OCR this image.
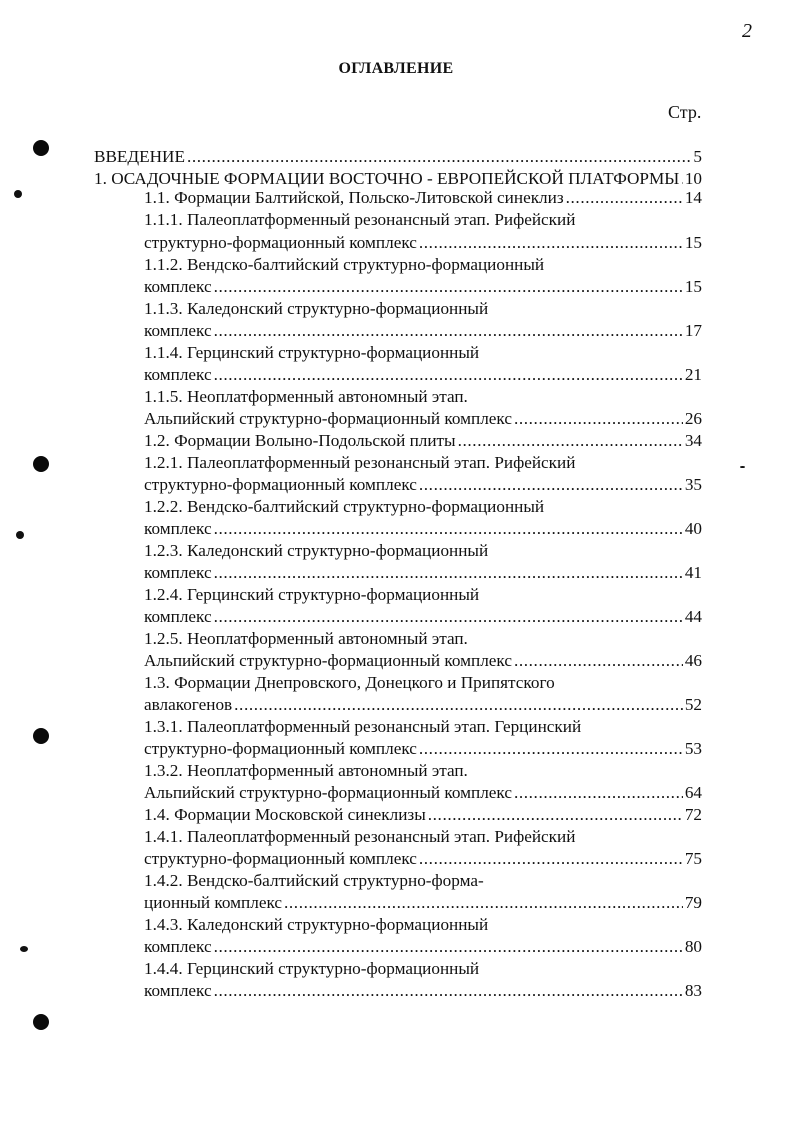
2
ОГЛАВЛЕНИЕ
Стр.
ВВЕДЕНИЕ .....	5
1. ОСАДОЧНЫЕ ФОРМАЦИИ ВОСТОЧНО - ЕВРОПЕЙСКОЙ ПЛАТФОРМЫ ..... 10
1.1. Формации Балтийской, Польско-Литовской синеклиз .....	14
1.1.1. Палеоплатформенный резонансный этап. Рифейский
структурно-формационный комплекс .....	15
1.1.2. Вендско-балтийский структурно-формационный
комплекс .....	15
1.1.3. Каледонский структурно-формационный
комплекс .....	17
1.1.4. Герцинский структурно-формационный
комплекс .....	21
1.1.5. Неоплатформенный автономный этап.
Альпийский структурно-формационный комплекс .....	26
1.2. Формации Волыно-Подольской плиты .....	34
1.2.1. Палеоплатформенный резонансный этап. Рифейский
структурно-формационный комплекс .....	35
1.2.2. Вендско-балтийский структурно-формационный
комплекс .....	40
1.2.3. Каледонский структурно-формационный
комплекс .....	41
1.2.4. Герцинский структурно-формационный
комплекс .....	44
1.2.5. Неоплатформенный автономный этап.
Альпийский структурно-формационный комплекс .....	46
1.3. Формации Днепровского, Донецкого и Припятского
авлакогенов .....	52
1.3.1. Палеоплатформенный резонансный этап. Герцинский
структурно-формационный комплекс .....	53
1.3.2. Неоплатформенный автономный этап.
Альпийский структурно-формационный комплекс .....	64
1.4. Формации Московской синеклизы .....	72
1.4.1. Палеоплатформенный резонансный этап. Рифейский
структурно-формационный комплекс .....	75
1.4.2. Вендско-балтийский структурно-форма-
ционный комплекс .....	79
1.4.3. Каледонский структурно-формационный
комплекс .....	80
1.4.4. Герцинский структурно-формационный
комплекс .....	83
